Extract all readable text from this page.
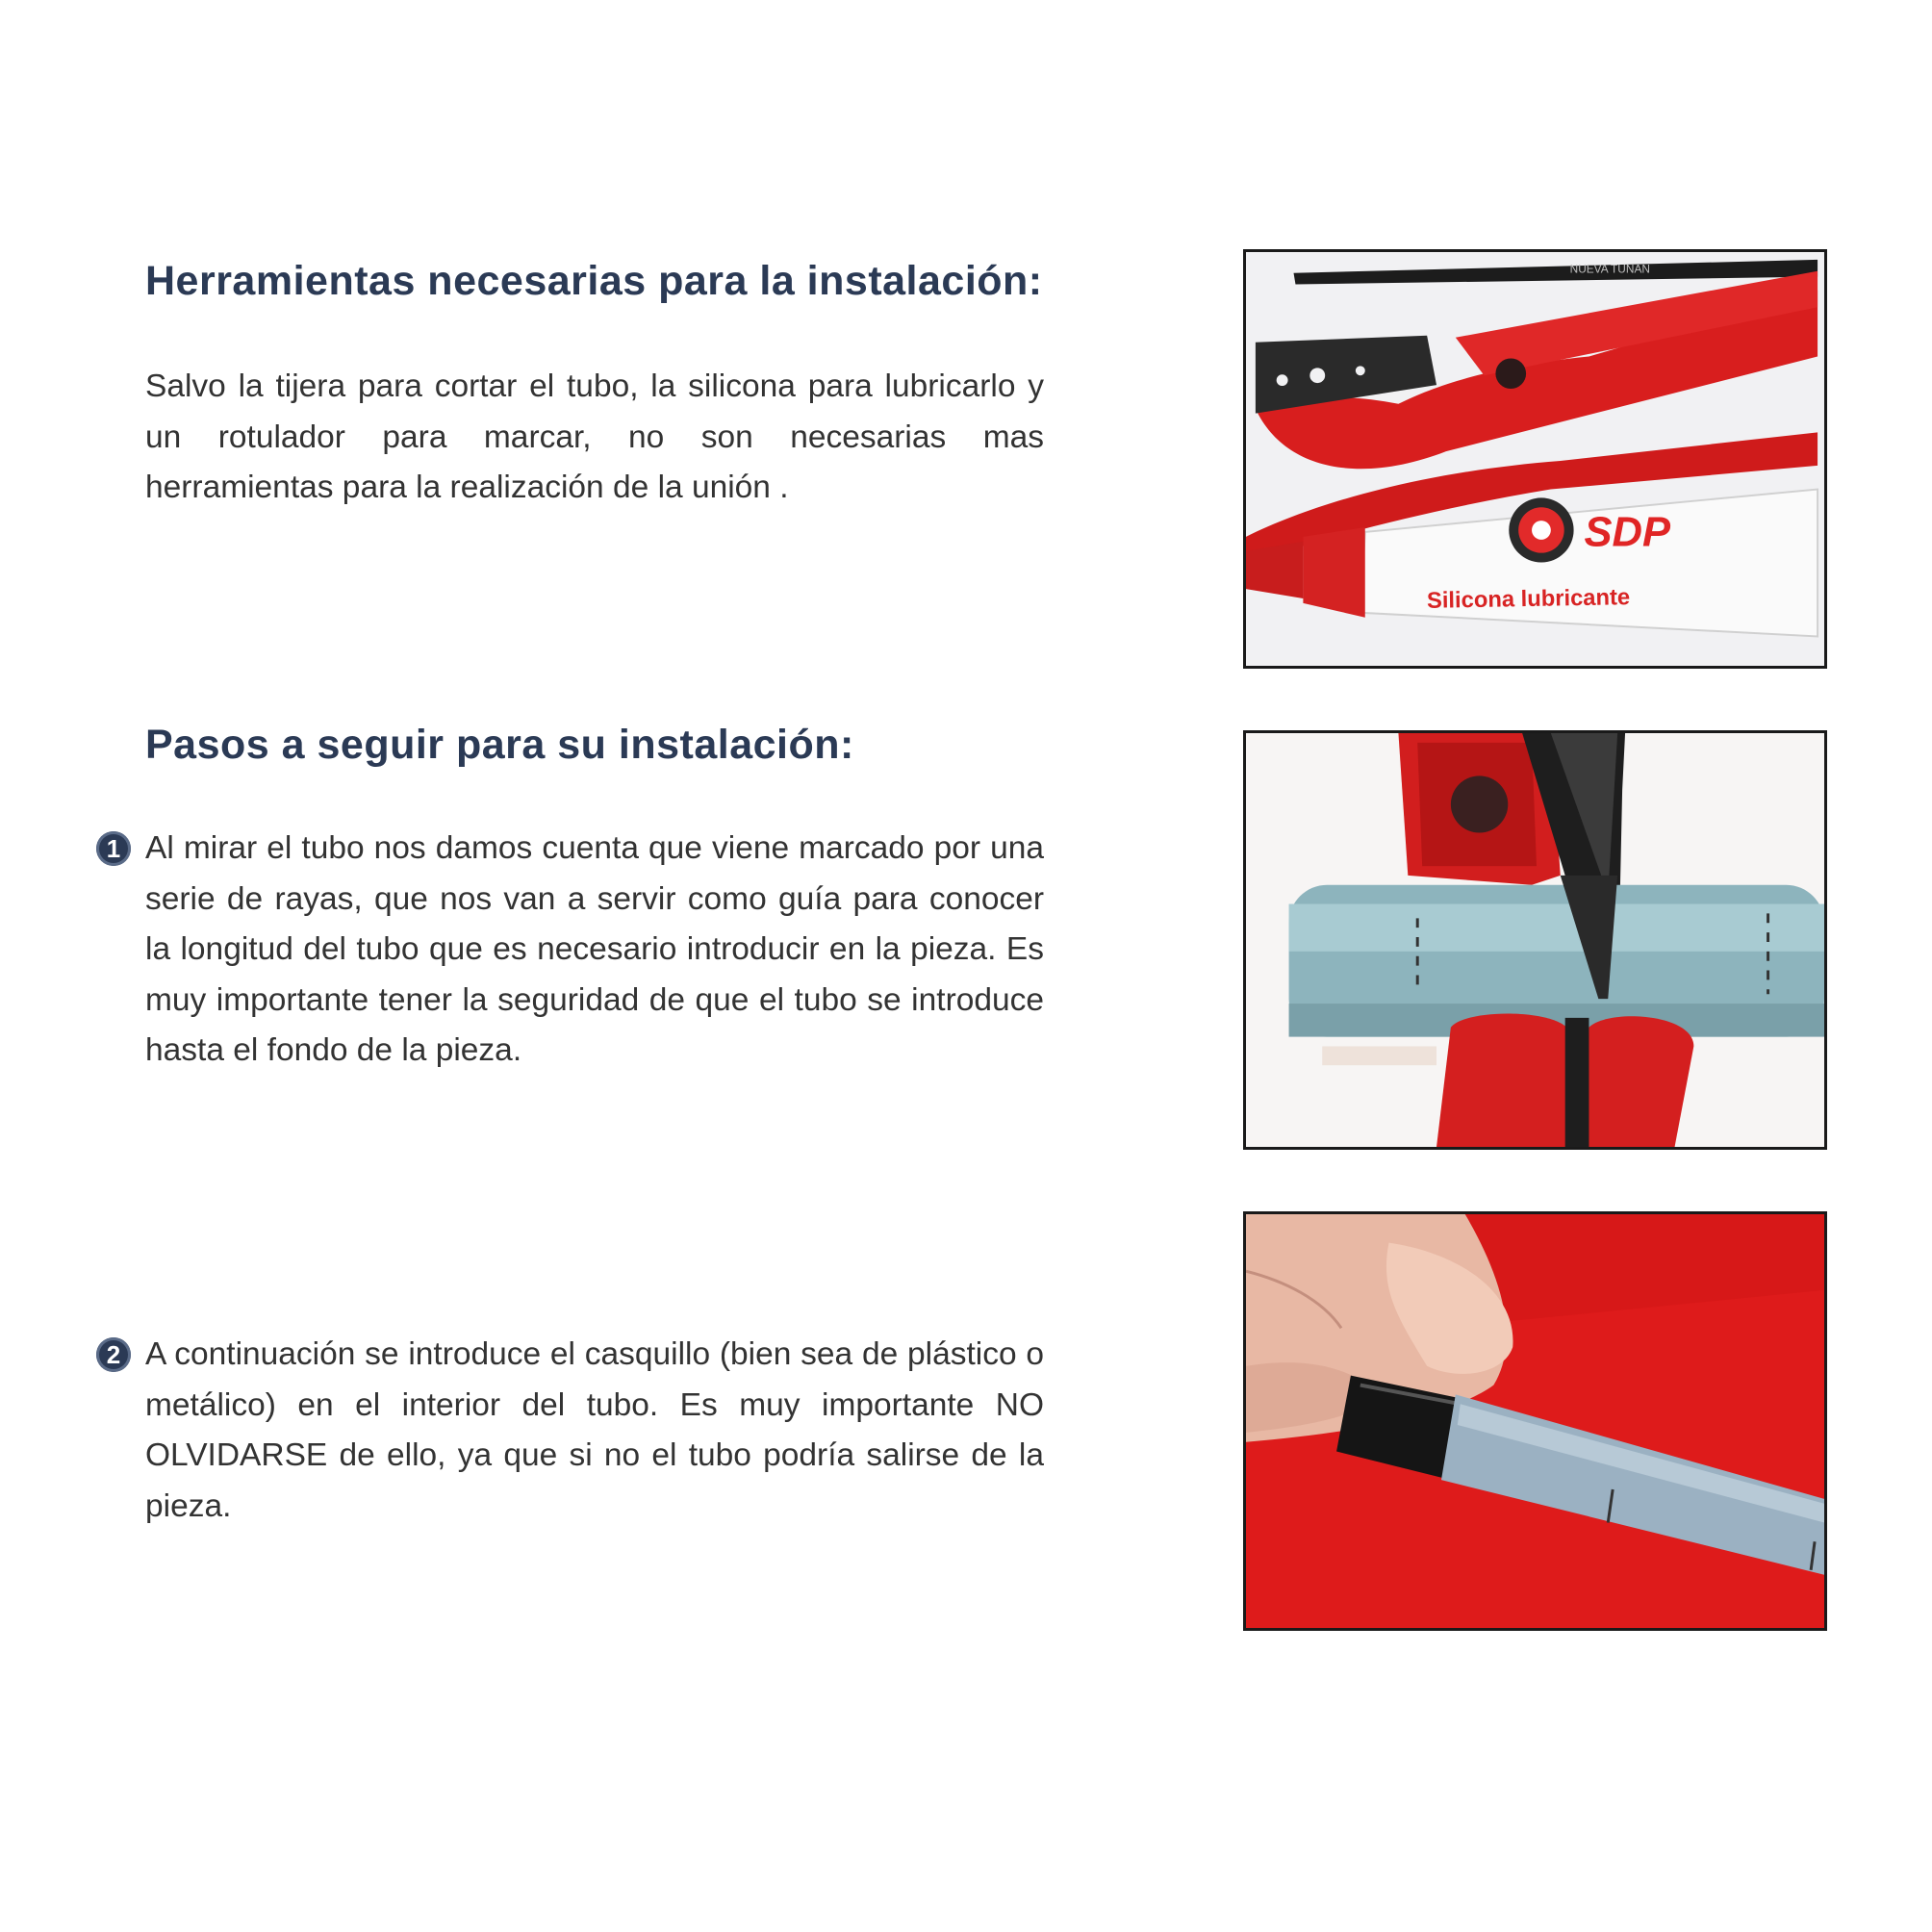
Herramientas necesarias para la instalación:

Salvo la tijera para cortar el tubo, la silicona para lubricarlo y un rotulador para marcar, no son necesarias mas herramientas para la realización de la unión .

Pasos a seguir para su instalación:
1 Al mirar el tubo nos damos cuenta que viene marcado por una serie de rayas, que nos van a servir como guía para conocer la longitud del tubo que es necesario introducir en la pieza. Es muy importante tener la seguridad de que el tubo se introduce hasta el fondo de la pieza.

2 A continuación se introduce el casquillo (bien sea de plástico o metálico) en el interior del tubo. Es muy importante NO OLVIDARSE de ello, ya que si no el tubo podría salirse de la pieza.

NUEVA TUNAN
SDP
Silicona lubricante
